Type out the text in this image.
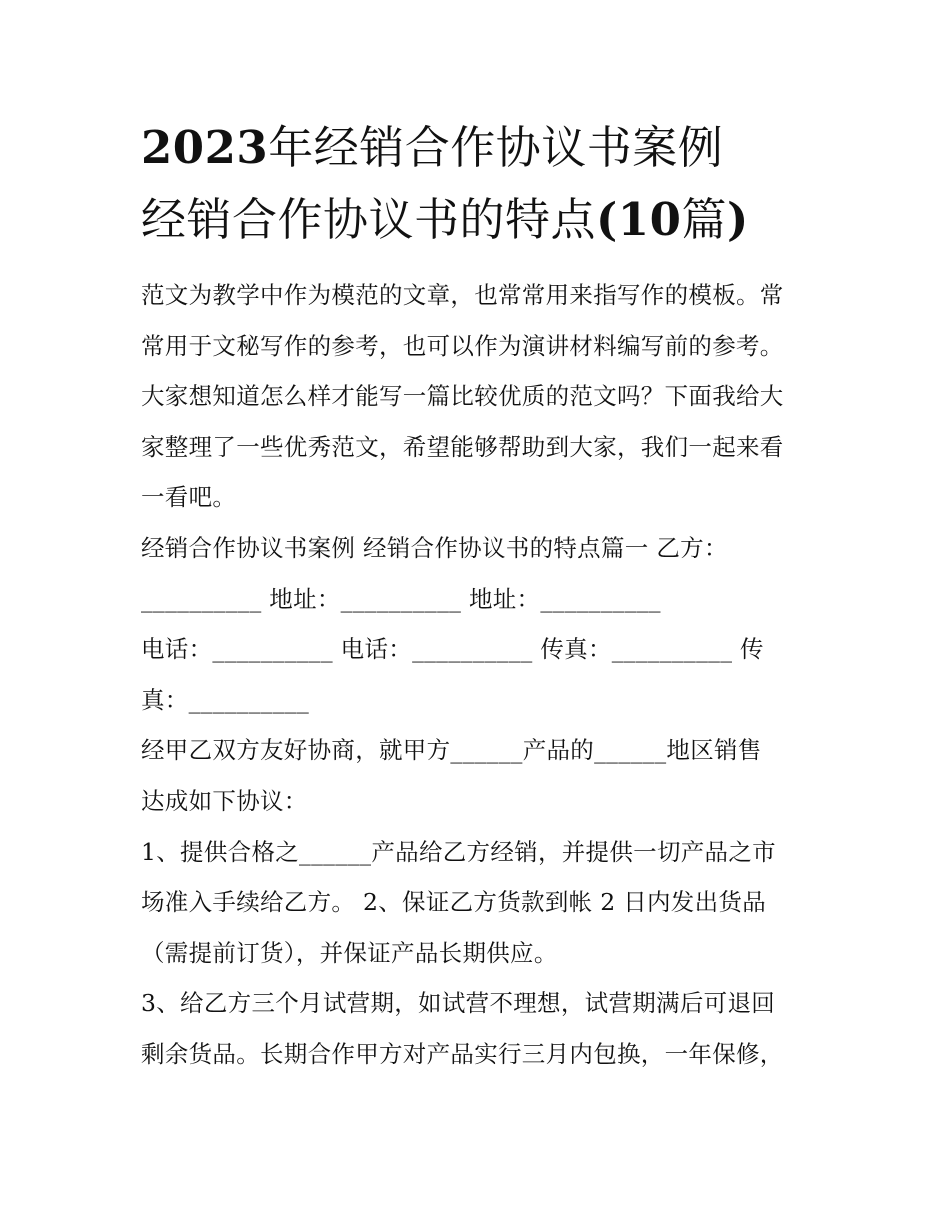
2023年经销合作协议书案例
经销合作协议书的特点(10篇)

范文为教学中作为模范的文章，也常常用来指写作的模板。常
常用于文秘写作的参考，也可以作为演讲材料编写前的参考。
大家想知道怎么样才能写一篇比较优质的范文吗？下面我给大
家整理了一些优秀范文，希望能够帮助到大家，我们一起来看
一看吧。

经销合作协议书案例 经销合作协议书的特点篇一 乙方：

__________ 地址：__________ 地址：__________

电话：__________ 电话：__________ 传真：__________ 传
真：__________

经甲乙双方友好协商，就甲方______产品的______地区销售
达成如下协议：

1、提供合格之______产品给乙方经销，并提供一切产品之市
场准入手续给乙方。 2、保证乙方货款到帐 2 日内发出货品
（需提前订货），并保证产品长期供应。

3、给乙方三个月试营期，如试营不理想，试营期满后可退回
剩余货品。长期合作甲方对产品实行三月内包换，一年保修，
